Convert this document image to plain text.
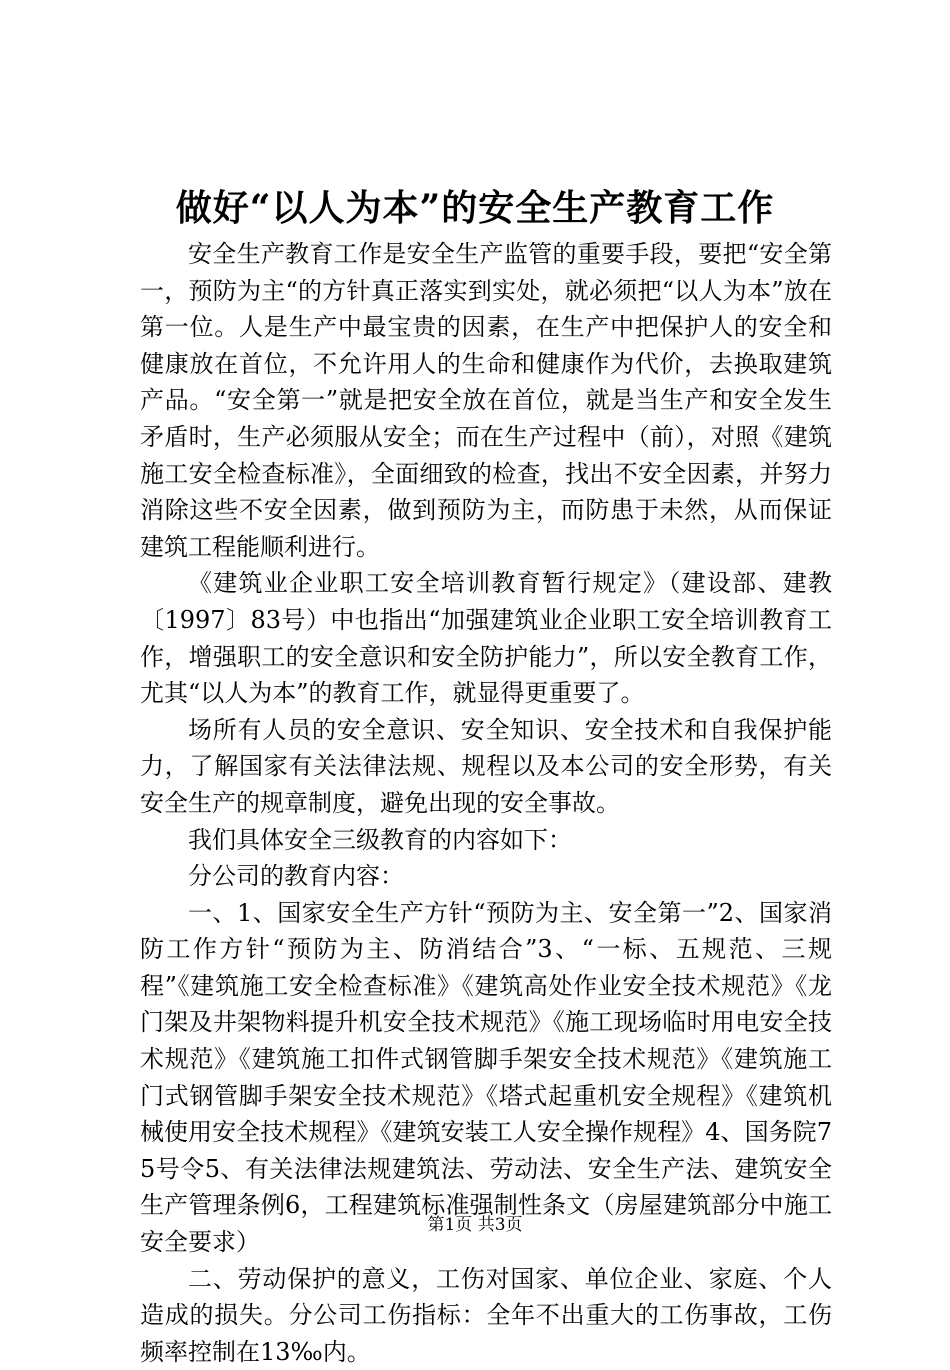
做好“以人为本”的安全生产教育工作

安全生产教育工作是安全生产监管的重要手段，要把“安全第一，预防为主“的方针真正落实到实处，就必须把“以人为本”放在第一位。人是生产中最宝贵的因素，在生产中把保护人的安全和健康放在首位，不允许用人的生命和健康作为代价，去换取建筑产品。“安全第一”就是把安全放在首位，就是当生产和安全发生矛盾时，生产必须服从安全；而在生产过程中（前），对照《建筑施工安全检查标准》，全面细致的检查，找出不安全因素，并努力消除这些不安全因素，做到预防为主，而防患于未然，从而保证建筑工程能顺利进行。

《建筑业企业职工安全培训教育暂行规定》（建设部、建教〔1997〕83号）中也指出“加强建筑业企业职工安全培训教育工作，增强职工的安全意识和安全防护能力”，所以安全教育工作，尤其“以人为本”的教育工作，就显得更重要了。

场所有人员的安全意识、安全知识、安全技术和自我保护能力，了解国家有关法律法规、规程以及本公司的安全形势，有关安全生产的规章制度，避免出现的安全事故。

我们具体安全三级教育的内容如下：

分公司的教育内容：

一、1、国家安全生产方针“预防为主、安全第一”2、国家消防工作方针“预防为主、防消结合”3、“一标、五规范、三规程”《建筑施工安全检查标准》《建筑高处作业安全技术规范》《龙门架及井架物料提升机安全技术规范》《施工现场临时用电安全技术规范》《建筑施工扣件式钢管脚手架安全技术规范》《建筑施工门式钢管脚手架安全技术规范》《塔式起重机安全规程》《建筑机械使用安全技术规程》《建筑安装工人安全操作规程》4、国务院75号令5、有关法律法规建筑法、劳动法、安全生产法、建筑安全生产管理条例6，工程建筑标准强制性条文（房屋建筑部分中施工安全要求）

二、劳动保护的意义，工伤对国家、单位企业、家庭、个人造成的损失。分公司工伤指标：全年不出重大的工伤事故，工伤频率控制在13‰内。

第1页 共3页
